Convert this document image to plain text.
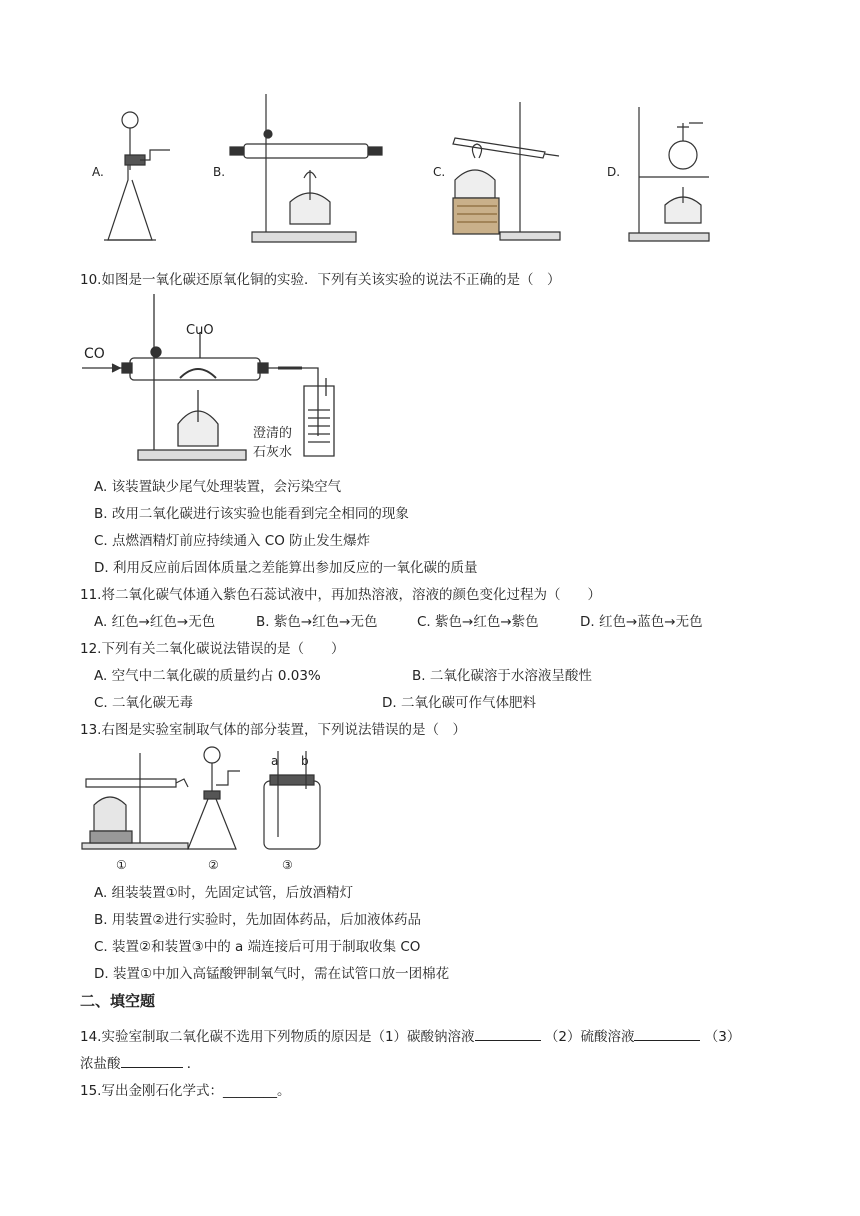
A.	B.	C.	D.
10.如图是一氧化碳还原氧化铜的实验．下列有关该实验的说法不正确的是（　）
CO
CuO
澄清的
石灰水
A. 该装置缺少尾气处理装置，会污染空气
B. 改用二氧化碳进行该实验也能看到完全相同的现象
C. 点燃酒精灯前应持续通入 CO 防止发生爆炸
D. 利用反应前后固体质量之差能算出参加反应的一氧化碳的质量
11.将二氧化碳气体通入紫色石蕊试液中，再加热溶液，溶液的颜色变化过程为（　　）
A. 红色→红色→无色	B. 紫色→红色→无色	C. 紫色→红色→紫色	D. 红色→蓝色→无色
12.下列有关二氧化碳说法错误的是（　　）
A. 空气中二氧化碳的质量约占 0.03%	B. 二氧化碳溶于水溶液呈酸性
C. 二氧化碳无毒	D. 二氧化碳可作气体肥料
13.右图是实验室制取气体的部分装置，下列说法错误的是（　）
①	②	③
a b
A. 组装装置①时，先固定试管，后放酒精灯
B. 用装置②进行实验时，先加固体药品，后加液体药品
C. 装置②和装置③中的 a 端连接后可用于制取收集 CO
D. 装置①中加入高锰酸钾制氧气时，需在试管口放一团棉花
二、填空题
14.实验室制取二氧化碳不选用下列物质的原因是（1）碳酸钠溶液	（2）硫酸溶液	（3）
浓盐酸	．
15.写出金刚石化学式：________。
